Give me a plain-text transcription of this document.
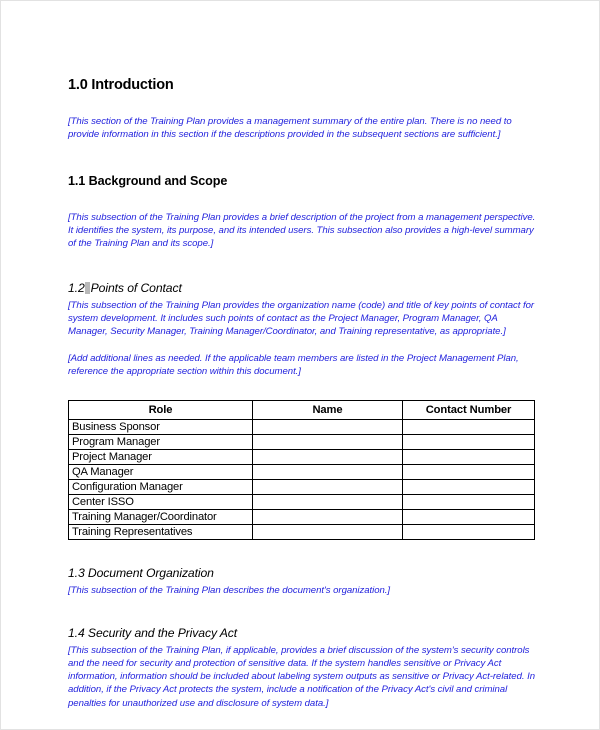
1.0 Introduction

[This section of the Training Plan provides a management summary of the entire plan. There is no need to provide information in this section if the descriptions provided in the subsequent sections are sufficient.]

1.1 Background and Scope

[This subsection of the Training Plan provides a brief description of the project from a management perspective. It identifies the system, its purpose, and its intended users. This subsection also provides a high-level summary of the Training Plan and its scope.]

1.2 Points of Contact

[This subsection of the Training Plan provides the organization name (code) and title of key points of contact for system development. It includes such points of contact as the Project Manager, Program Manager, QA Manager, Security Manager, Training Manager/Coordinator, and Training representative, as appropriate.]

[Add additional lines as needed. If the applicable team members are listed in the Project Management Plan, reference the appropriate section within this document.]

Role	Name	Contact Number
Business Sponsor		
Program Manager		
Project Manager		
QA Manager		
Configuration Manager		
Center ISSO		
Training Manager/Coordinator		
Training Representatives		
1.3 Document Organization

[This subsection of the Training Plan describes the document's organization.]

1.4 Security and the Privacy Act

[This subsection of the Training Plan, if applicable, provides a brief discussion of the system's security controls and the need for security and protection of sensitive data. If the system handles sensitive or Privacy Act information, information should be included about labeling system outputs as sensitive or Privacy Act-related. In addition, if the Privacy Act protects the system, include a notification of the Privacy Act's civil and criminal penalties for unauthorized use and disclosure of system data.]
